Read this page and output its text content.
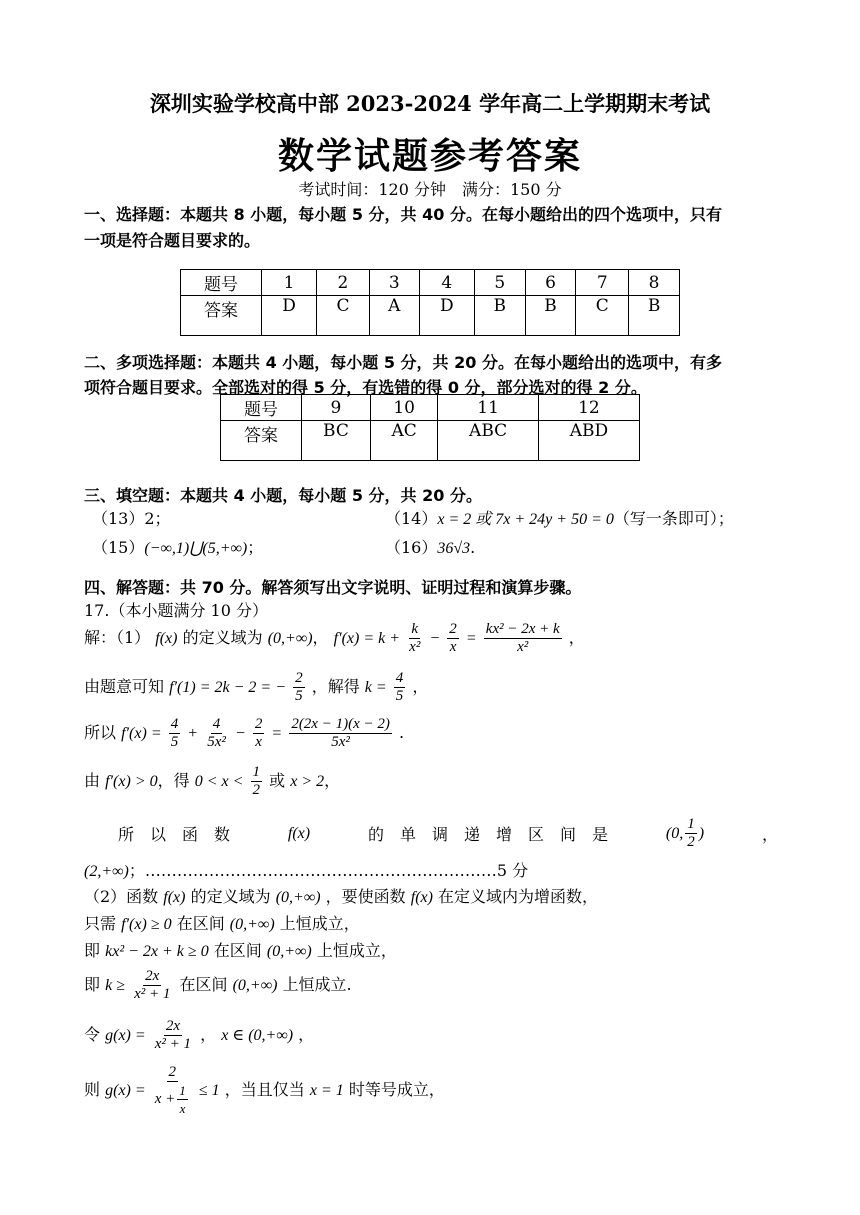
深圳实验学校高中部 2023-2024 学年高二上学期期末考试
数学试题参考答案
考试时间：120 分钟　满分：150 分
一、选择题：本题共 8 小题，每小题 5 分，共 40 分。在每小题给出的四个选项中，只有
一项是符合题目要求的。
题号	1	2	3	4	5	6	7	8
答案	D	C	A	D	B	B	C	B
二、多项选择题：本题共 4 小题，每小题 5 分，共 20 分。在每小题给出的选项中，有多
项符合题目要求。全部选对的得 5 分，有选错的得 0 分，部分选对的得 2 分。
题号	9	10	11	12
答案	BC	AC	ABC	ABD
三、填空题：本题共 4 小题，每小题 5 分，共 20 分。
（13）2；	（14）x = 2 或 7x + 24y + 50 = 0（写一条即可）；
（15）(−∞,1)⋃(5,+∞)；	（16）36√3.
四、解答题：共 70 分。解答须写出文字说明、证明过程和演算步骤。
17.（本小题满分 10 分）
解：（1） f(x) 的定义域为 (0,+∞)， $f'(x) = k + \frac{k}{\text{x²}} - \frac{2}{x} = \frac{\text{kx² − 2x + k}}{\text{x²}}$ ，
由题意可知 f′(1) = 2k − 2 = − $\frac{2}{5}$ ，解得 $k = \frac{4}{5}$ ，
所以 $f'(x) = \frac{4}{5} + \frac{4}{\text{5x²}} - \frac{2}{x} = \frac{2(2x - 1)(x - 2)}{\text{5x²}}$ .
由 f′(x) > 0，得 $0 < x < \frac{1}{2}$ 或 x > 2，
所　以　函　数	f(x)	的　单　调　递　增　区　间　是	(0, $\frac{1}{2}$ )	，
(2,+∞)；…………………………………………………………5 分
（2）函数 f(x) 的定义域为 (0,+∞) ，要使函数 f(x) 在定义域内为增函数，
只需 f′(x) ≥ 0 在区间 (0,+∞) 上恒成立，
即 kx² − 2x + k ≥ 0 在区间 (0,+∞) 上恒成立，
即 $k \ge \frac{2x}{\text{x² + 1}}$ 在区间 (0,+∞) 上恒成立.
令 $g(x) = \frac{2x}{\text{x² + 1}}$ ， x ∈ (0,+∞) ，
则 $g(x) = \frac{2}{x + \frac{1}{x}} \le 1$ ，当且仅当 x = 1 时等号成立，
